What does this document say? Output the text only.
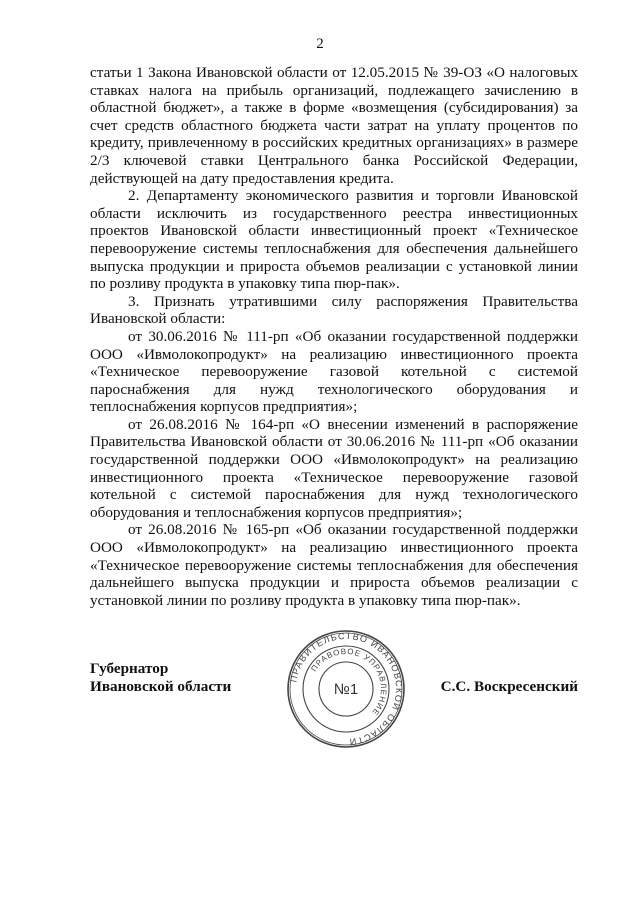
2

статьи 1 Закона Ивановской области от 12.05.2015 № 39-ОЗ «О налоговых ставках налога на прибыль организаций, подлежащего зачислению в областной бюджет», а также в форме «возмещения (субсидирования) за счет средств областного бюджета части затрат на уплату процентов по кредиту, привлеченному в российских кредитных организациях» в размере 2/3 ключевой ставки Центрального банка Российской Федерации, действующей на дату предоставления кредита.

2. Департаменту экономического развития и торговли Ивановской области исключить из государственного реестра инвестиционных проектов Ивановской области инвестиционный проект «Техническое перевооружение системы теплоснабжения для обеспечения дальнейшего выпуска продукции и прироста объемов реализации с установкой линии по розливу продукта в упаковку типа пюр-пак».

3. Признать утратившими силу распоряжения Правительства Ивановской области:

от 30.06.2016 № 111-рп «Об оказании государственной поддержки ООО «Ивмолокопродукт» на реализацию инвестиционного проекта «Техническое перевооружение газовой котельной с системой пароснабжения для нужд технологического оборудования и теплоснабжения корпусов предприятия»;

от 26.08.2016 № 164-рп «О внесении изменений в распоряжение Правительства Ивановской области от 30.06.2016 № 111-рп «Об оказании государственной поддержки ООО «Ивмолокопродукт» на реализацию инвестиционного проекта «Техническое перевооружение газовой котельной с системой пароснабжения для нужд технологического оборудования и теплоснабжения корпусов предприятия»;

от 26.08.2016 № 165-рп «Об оказании государственной поддержки ООО «Ивмолокопродукт» на реализацию инвестиционного проекта «Техническое перевооружение системы теплоснабжения для обеспечения дальнейшего выпуска продукции и прироста объемов реализации с установкой линии по розливу продукта в упаковку типа пюр-пак».

Губернатор
Ивановской области	С.С. Воскресенский
ПРАВИТЕЛЬСТВО ИВАНОВСКОЙ ОБЛАСТИ
ПРАВОВОЕ УПРАВЛЕНИЕ
№1
